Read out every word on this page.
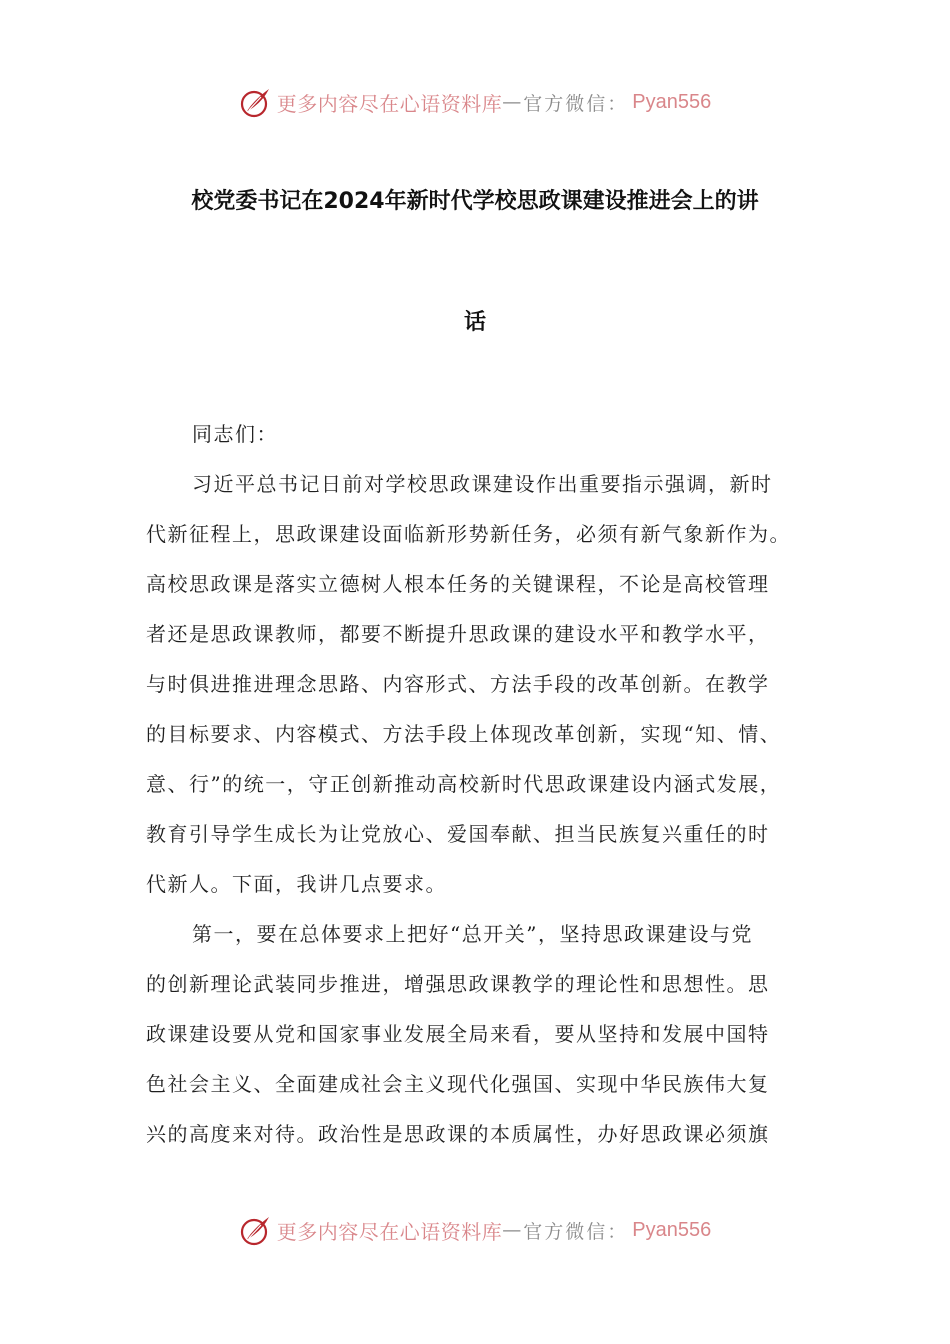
更多内容尽在心语资料库 — 官方微信： Pyan556
校党委书记在2024年新时代学校思政课建设推进会上的讲
话
同志们：
习近平总书记日前对学校思政课建设作出重要指示强调，新时
代新征程上，思政课建设面临新形势新任务，必须有新气象新作为。
高校思政课是落实立德树人根本任务的关键课程，不论是高校管理
者还是思政课教师，都要不断提升思政课的建设水平和教学水平，
与时俱进推进理念思路、内容形式、方法手段的改革创新。在教学
的目标要求、内容模式、方法手段上体现改革创新，实现“知、情、
意、行”的统一，守正创新推动高校新时代思政课建设内涵式发展，
教育引导学生成长为让党放心、爱国奉献、担当民族复兴重任的时
代新人。下面，我讲几点要求。
第一，要在总体要求上把好“总开关”，坚持思政课建设与党
的创新理论武装同步推进，增强思政课教学的理论性和思想性。思
政课建设要从党和国家事业发展全局来看，要从坚持和发展中国特
色社会主义、全面建成社会主义现代化强国、实现中华民族伟大复
兴的高度来对待。政治性是思政课的本质属性，办好思政课必须旗
更多内容尽在心语资料库 — 官方微信： Pyan556
